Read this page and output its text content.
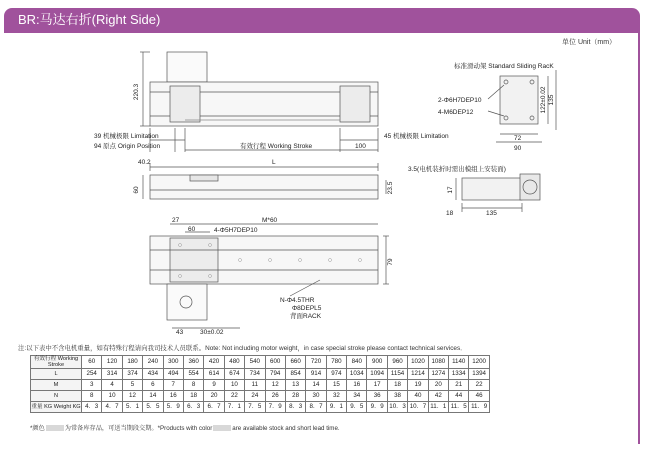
BR:马达右折(Right Side)
单位 Unit（mm）
220.3
39 机械极限 Limitation
94 原点 Origin Position	有效行程 Working Stroke	100
45 机械极限 Limitation
标准滑动架 Standard Sliding RacK
2-Φ6H7DEP10
4-M6DEP12	122±0.02 135
72
90
40.2	L
60	23.5
3.5(电机装折时需出模组上安装面)
17
18	135
27	M*60
60	4-Φ5H7DEP10
79
N-Φ4.5THR
Φ8DEPL5
背面RACK
43	30±0.02
注:以下表中不含电机重量，如有特殊行程请向我司技术人员联系。Note: Not including motor weight，in case special stroke please contact technical services．
有效行程 Working Stroke	60	120	180	240	300	360	420	480	540	600	660	720	780	840	900	960	1020	1080	1140	1200
L	254	314	374	434	494	554	614	674	734	794	854	914	974	1034	1094	1154	1214	1274	1334	1394
M	3	4	5	6	7	8	9	10	11	12	13	14	15	16	17	18	19	20	21	22
N	8	10	12	14	16	18	20	22	24	26	28	30	32	34	36	38	40	42	44	46
重量 KG Weight KG	4．3	4．7	5．1	5．5	5．9	6．3	6．7	7．1	7．5	7．9	8．3	8．7	9．1	9．5	9．9	10．3	10．7	11．1	11．5	11．9
*颜色	为常备库存品，可送当期段交期。*Products with color	are available stock and short lead time.
